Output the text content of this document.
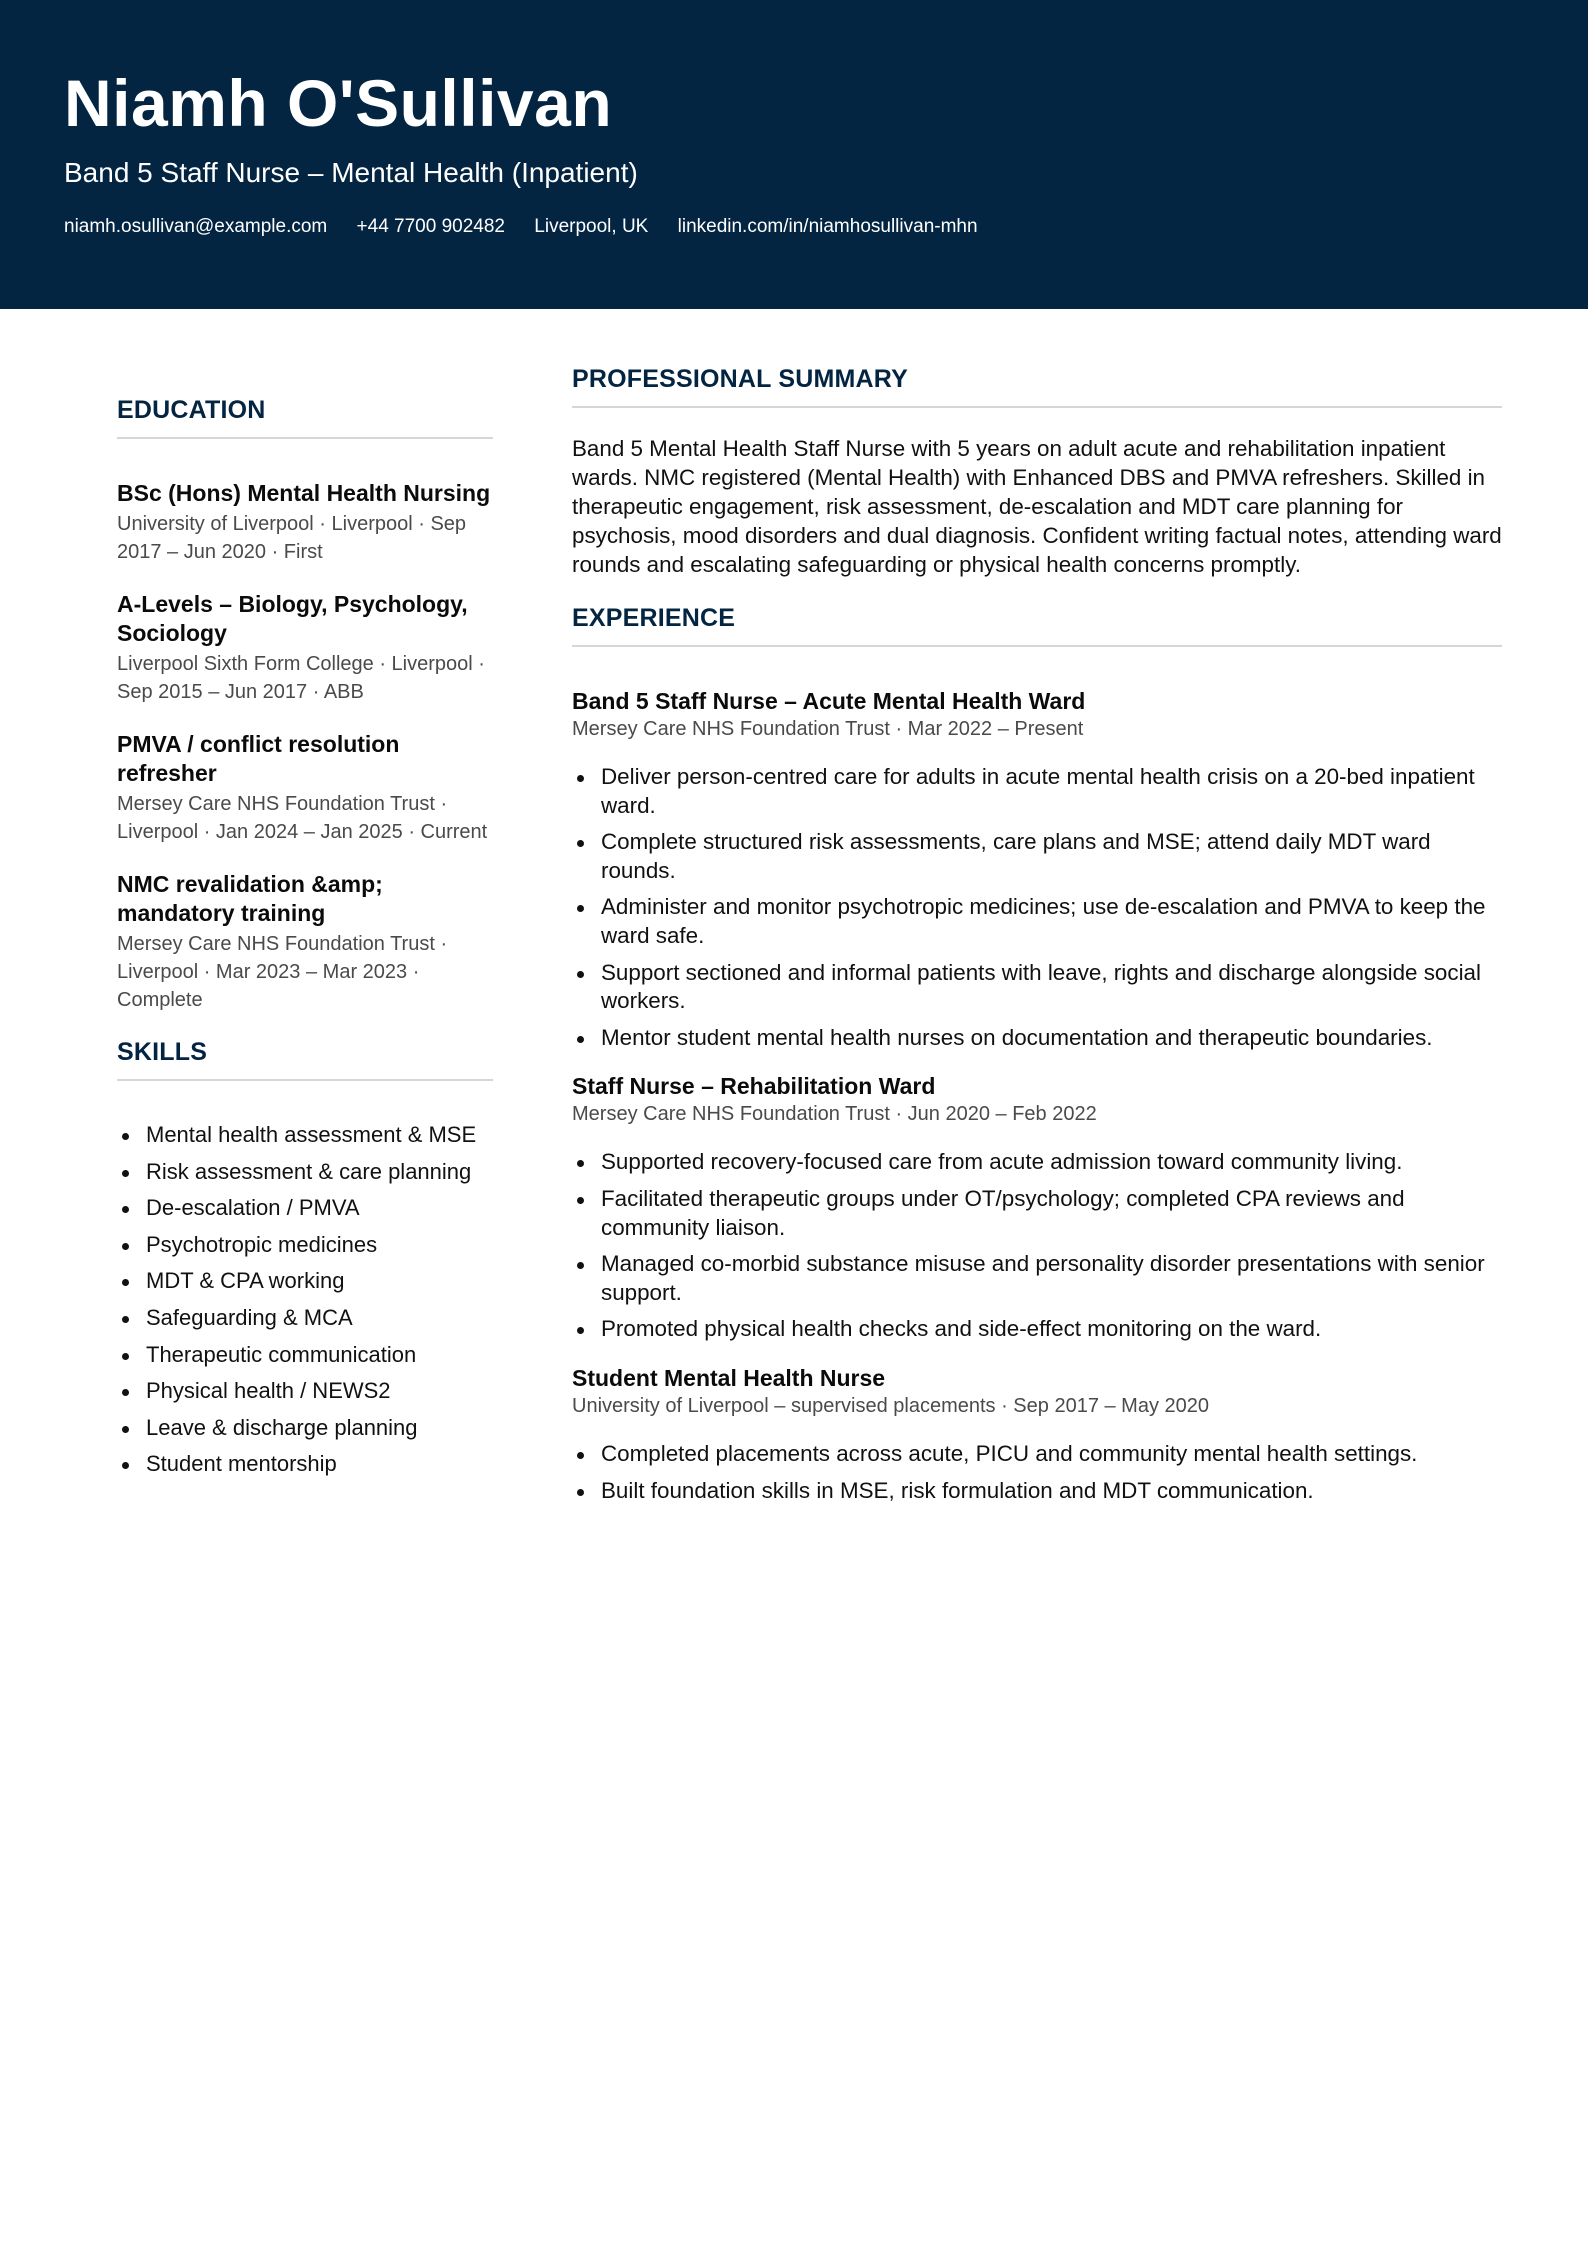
Niamh O'Sullivan
Band 5 Staff Nurse – Mental Health (Inpatient)
niamh.osullivan@example.com +44 7700 902482 Liverpool, UK linkedin.com/in/niamhosullivan-mhn
EDUCATION
BSc (Hons) Mental Health Nursing
University of Liverpool · Liverpool · Sep 2017 – Jun 2020 · First
A-Levels – Biology, Psychology, Sociology
Liverpool Sixth Form College · Liverpool · Sep 2015 – Jun 2017 · ABB
PMVA / conflict resolution refresher
Mersey Care NHS Foundation Trust · Liverpool · Jan 2024 – Jan 2025 · Current
NMC revalidation &amp; mandatory training
Mersey Care NHS Foundation Trust · Liverpool · Mar 2023 – Mar 2023 · Complete
SKILLS
Mental health assessment & MSE
Risk assessment & care planning
De-escalation / PMVA
Psychotropic medicines
MDT & CPA working
Safeguarding & MCA
Therapeutic communication
Physical health / NEWS2
Leave & discharge planning
Student mentorship
PROFESSIONAL SUMMARY

Band 5 Mental Health Staff Nurse with 5 years on adult acute and rehabilitation inpatient wards. NMC registered (Mental Health) with Enhanced DBS and PMVA refreshers. Skilled in therapeutic engagement, risk assessment, de-escalation and MDT care planning for psychosis, mood disorders and dual diagnosis. Confident writing factual notes, attending ward rounds and escalating safeguarding or physical health concerns promptly.

EXPERIENCE
Band 5 Staff Nurse – Acute Mental Health Ward
Mersey Care NHS Foundation Trust · Mar 2022 – Present
Deliver person-centred care for adults in acute mental health crisis on a 20-bed inpatient ward.
Complete structured risk assessments, care plans and MSE; attend daily MDT ward rounds.
Administer and monitor psychotropic medicines; use de-escalation and PMVA to keep the ward safe.
Support sectioned and informal patients with leave, rights and discharge alongside social workers.
Mentor student mental health nurses on documentation and therapeutic boundaries.
Staff Nurse – Rehabilitation Ward
Mersey Care NHS Foundation Trust · Jun 2020 – Feb 2022
Supported recovery-focused care from acute admission toward community living.
Facilitated therapeutic groups under OT/psychology; completed CPA reviews and community liaison.
Managed co-morbid substance misuse and personality disorder presentations with senior support.
Promoted physical health checks and side-effect monitoring on the ward.
Student Mental Health Nurse
University of Liverpool – supervised placements · Sep 2017 – May 2020
Completed placements across acute, PICU and community mental health settings.
Built foundation skills in MSE, risk formulation and MDT communication.
